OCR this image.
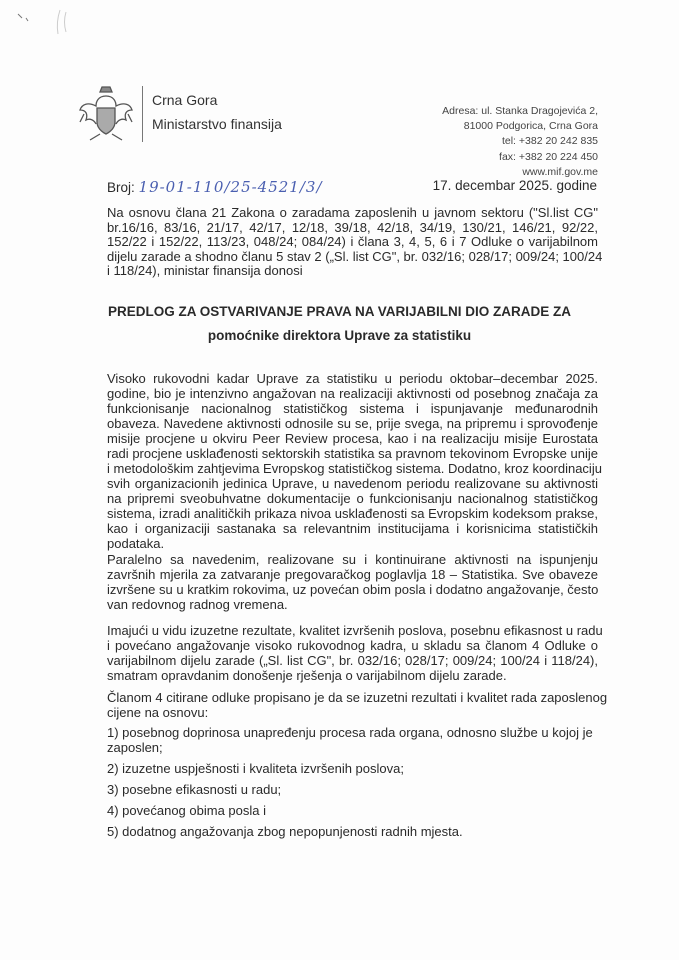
Crna Gora
Ministarstvo finansija
Adresa: ul. Stanka Dragojevića 2,
81000 Podgorica, Crna Gora
tel: +382 20 242 835
fax: +382 20 224 450
www.mif.gov.me
Broj: 19-01-110/25-4521/3/	17. decembar 2025. godine
Na osnovu člana 21 Zakona o zaradama zaposlenih u javnom sektoru ("Sl.list CG"
br.16/16, 83/16, 21/17, 42/17, 12/18, 39/18, 42/18, 34/19, 130/21, 146/21, 92/22,
152/22 i 152/22, 113/23, 048/24; 084/24) i člana 3, 4, 5, 6 i 7 Odluke o varijabilnom
dijelu zarade a shodno članu 5 stav 2 („Sl. list CG", br. 032/16; 028/17; 009/24; 100/24
i 118/24), ministar finansija donosi
PREDLOG ZA OSTVARIVANJE PRAVA NA VARIJABILNI DIO ZARADE ZA
pomoćnike direktora Uprave za statistiku
Visoko rukovodni kadar Uprave za statistiku u periodu oktobar–decembar 2025.
godine, bio je intenzivno angažovan na realizaciji aktivnosti od posebnog značaja za
funkcionisanje nacionalnog statističkog sistema i ispunjavanje međunarodnih
obaveza. Navedene aktivnosti odnosile su se, prije svega, na pripremu i sprovođenje
misije procjene u okviru Peer Review procesa, kao i na realizaciju misije Eurostata
radi procjene usklađenosti sektorskih statistika sa pravnom tekovinom Evropske unije
i metodološkim zahtjevima Evropskog statističkog sistema. Dodatno, kroz koordinaciju
svih organizacionih jedinica Uprave, u navedenom periodu realizovane su aktivnosti
na pripremi sveobuhvatne dokumentacije o funkcionisanju nacionalnog statističkog
sistema, izradi analitičkih prikaza nivoa usklađenosti sa Evropskim kodeksom prakse,
kao i organizaciji sastanaka sa relevantnim institucijama i korisnicima statističkih
podataka.
Paralelno sa navedenim, realizovane su i kontinuirane aktivnosti na ispunjenju
završnih mjerila za zatvaranje pregovaračkog poglavlja 18 – Statistika. Sve obaveze
izvršene su u kratkim rokovima, uz povećan obim posla i dodatno angažovanje, često
van redovnog radnog vremena.
Imajući u vidu izuzetne rezultate, kvalitet izvršenih poslova, posebnu efikasnost u radu
i povećano angažovanje visoko rukovodnog kadra, u skladu sa članom 4 Odluke o
varijabilnom dijelu zarade („Sl. list CG", br. 032/16; 028/17; 009/24; 100/24 i 118/24),
smatram opravdanim donošenje rješenja o varijabilnom dijelu zarade.
Članom 4 citirane odluke propisano je da se izuzetni rezultati i kvalitet rada zaposlenog
cijene na osnovu:
1) posebnog doprinosa unapređenju procesa rada organa, odnosno službe u kojoj je
zaposlen;
2) izuzetne uspješnosti i kvaliteta izvršenih poslova;
3) posebne efikasnosti u radu;
4) povećanog obima posla i
5) dodatnog angažovanja zbog nepopunjenosti radnih mjesta.
